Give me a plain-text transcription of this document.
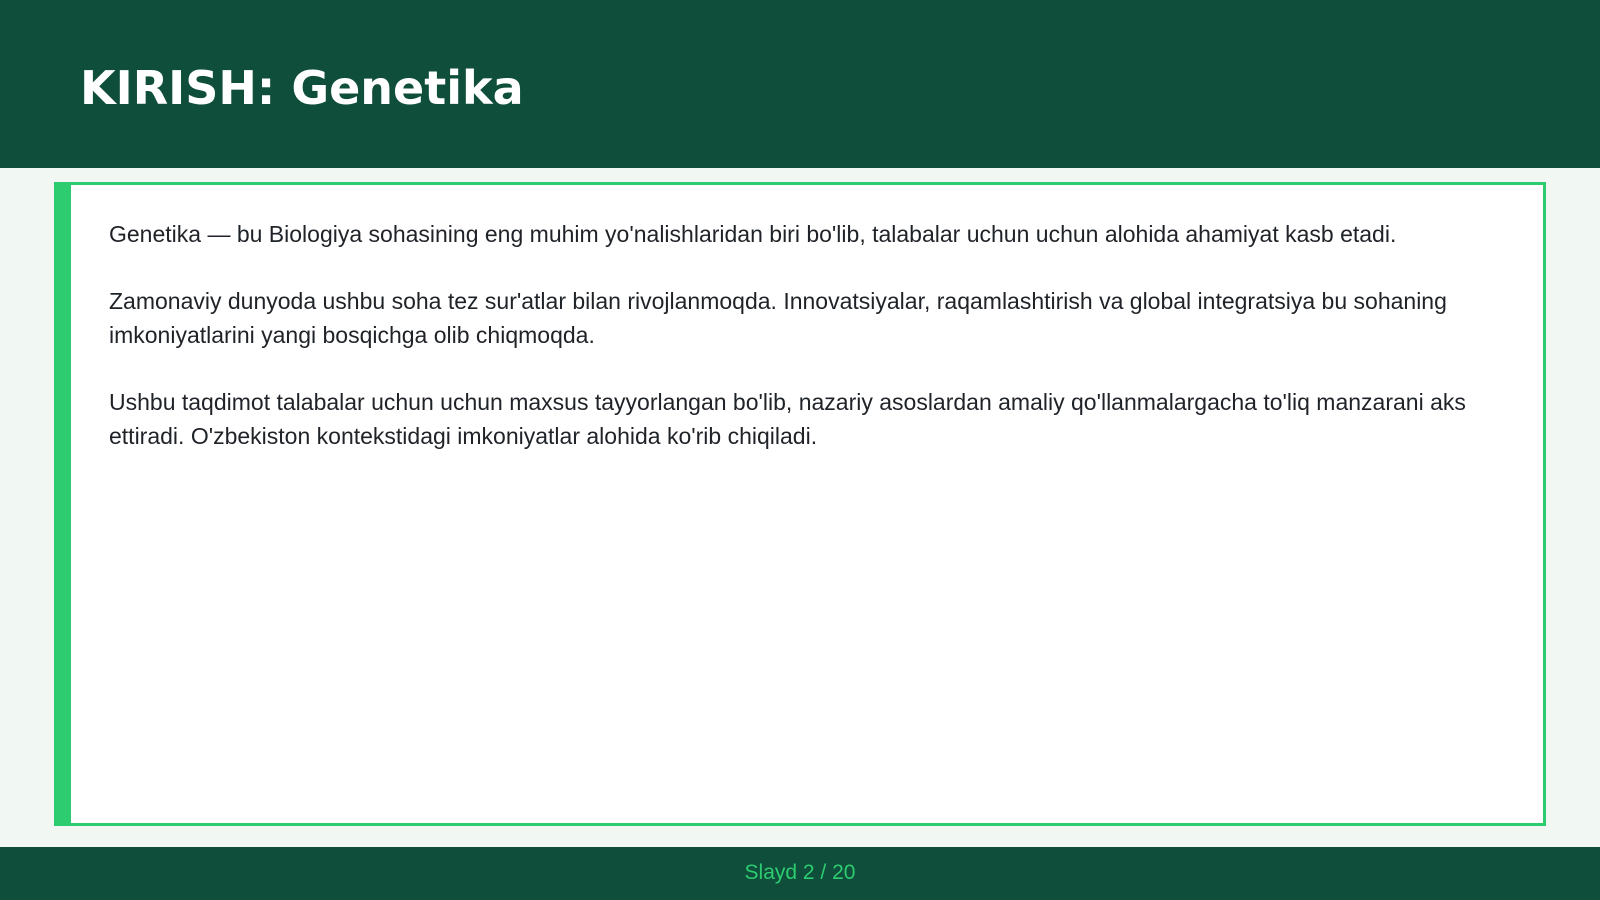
KIRISH: Genetika

Genetika — bu Biologiya sohasining eng muhim yo'nalishlaridan biri bo'lib, talabalar uchun uchun alohida ahamiyat kasb etadi.

Zamonaviy dunyoda ushbu soha tez sur'atlar bilan rivojlanmoqda. Innovatsiyalar, raqamlashtirish va global integratsiya bu sohaning imkoniyatlarini yangi bosqichga olib chiqmoqda.

Ushbu taqdimot talabalar uchun uchun maxsus tayyorlangan bo'lib, nazariy asoslardan amaliy qo'llanmalargacha to'liq manzarani aks ettiradi. O'zbekiston kontekstidagi imkoniyatlar alohida ko'rib chiqiladi.

Slayd 2 / 20
